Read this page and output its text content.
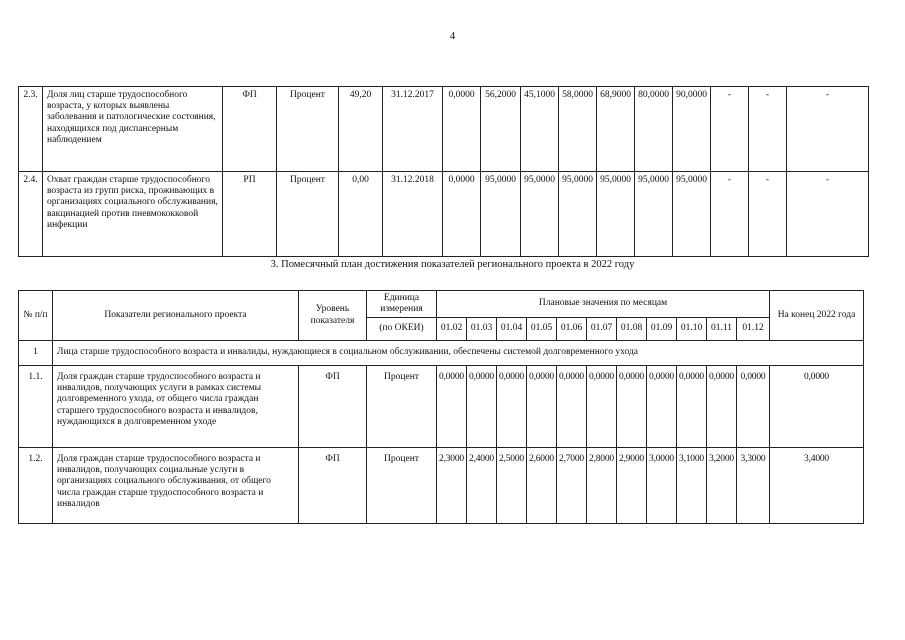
4
2.3.	Доля лиц старше трудоспособного возраста, у которых выявлены заболевания и патологические состояния, находящихся под диспансерным наблюдением	ФП	Процент	49,20	31.12.2017	0,0000	56,2000	45,1000	58,0000	68,9000	80,0000	90,0000	-	-	-
2.4.	Охват граждан старше трудоспособного возраста из групп риска, проживающих в организациях социального обслуживания, вакцинацией против пневмококковой инфекции	РП	Процент	0,00	31.12.2018	0,0000	95,0000	95,0000	95,0000	95,0000	95,0000	95,0000	-	-	-
3. Помесячный план достижения показателей регионального проекта в 2022 году
№ п/п	Показатели регионального проекта	Уровень показателя	Единица измерения	Плановые значения по месяцам											На конец 2022 года
			(по ОКЕИ)	01.02	01.03	01.04	01.05	01.06	01.07	01.08	01.09	01.10	01.11	01.12	
1	Лица старше трудоспособного возраста и инвалиды, нуждающиеся в социальном обслуживании, обеспечены системой долговременного ухода														
1.1.	Доля граждан старше трудоспособного возраста и инвалидов, получающих услуги в рамках системы долговременного ухода, от общего числа граждан старшего трудоспособного возраста и инвалидов, нуждающихся в долговременном уходе	ФП	Процент	0,0000	0,0000	0,0000	0,0000	0,0000	0,0000	0,0000	0,0000	0,0000	0,0000	0,0000	0,0000
1.2.	Доля граждан старше трудоспособного возраста и инвалидов, получающих социальные услуги в организациях социального обслуживания, от общего числа граждан старше трудоспособного возраста и инвалидов	ФП	Процент	2,3000	2,4000	2,5000	2,6000	2,7000	2,8000	2,9000	3,0000	3,1000	3,2000	3,3000	3,4000
